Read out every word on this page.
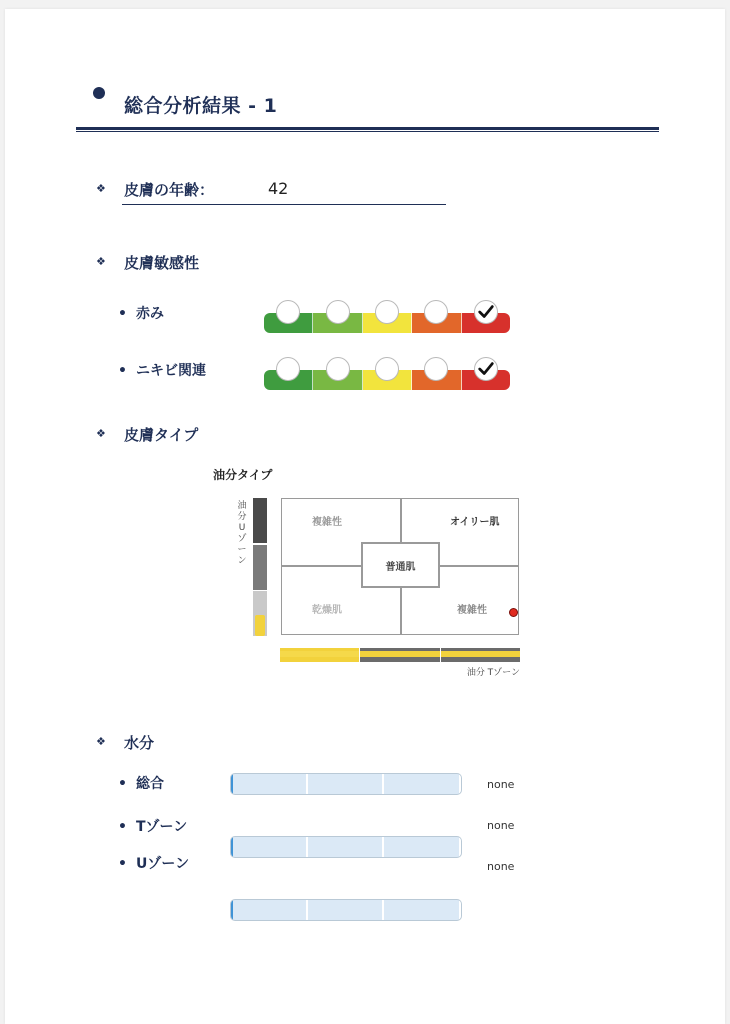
総合分析結果 - 1
❖ 皮膚の年齢：	42
❖ 皮膚敏感性
• 赤み
• ニキビ関連
❖ 皮膚タイプ
油分タイプ
油分 Uゾーン
複雑性	オイリー肌
乾燥肌	複雑性
普通肌
油分 Tゾーン
❖ 水分
• 総合	none
• Tゾーン	none
• Uゾーン	none
